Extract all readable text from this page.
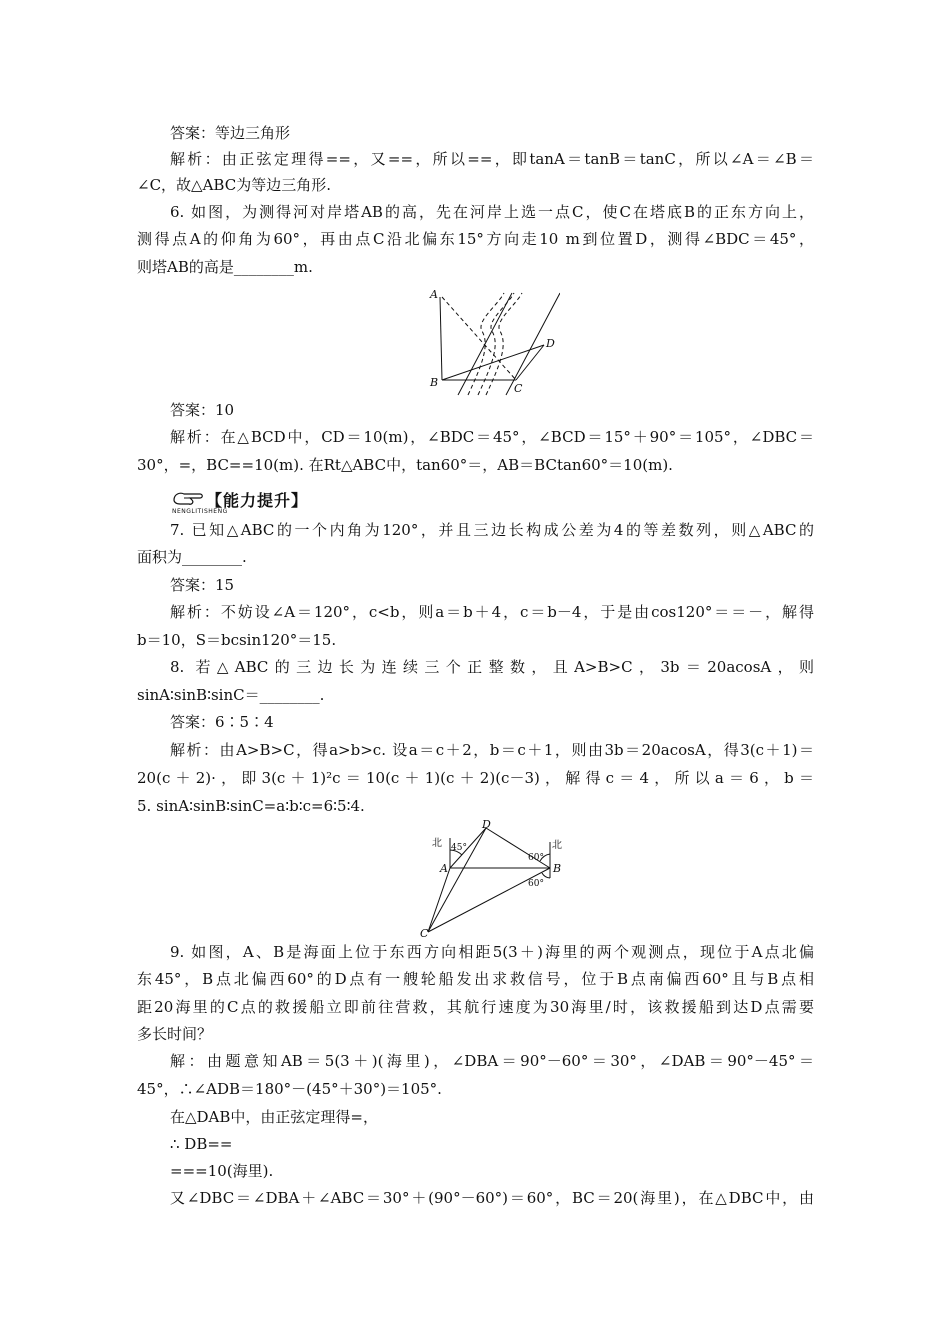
答案：等边三角形
解析：由正弦定理得==，又==，所以==，即tanA＝tanB＝tanC，所以∠A＝∠B＝
∠C，故△ABC为等边三角形.
6. 如图，为测得河对岸塔AB的高，先在河岸上选一点C，使C在塔底B的正东方向上，
测得点A的仰角为60°，再由点C沿北偏东15°方向走10 m到位置D，测得∠BDC＝45°，
则塔AB的高是________m.
A
B	C
D
答案：10
解析：在△BCD中，CD＝10(m)，∠BDC＝45°，∠BCD＝15°＋90°＝105°，∠DBC＝
30°，=，BC==10(m). 在Rt△ABC中，tan60°＝，AB＝BCtan60°＝10(m).
【能力提升】
NENGLITISHENG
7. 已知△ABC的一个内角为120°，并且三边长构成公差为4的等差数列，则△ABC的
面积为________.
答案：15
解析：不妨设∠A＝120°，c<b，则a＝b＋4，c＝b－4，于是由cos120°＝＝－，解得
b＝10，S＝bcsin120°＝15.
8. 若△ABC的三边长为连续三个正整数，且A>B>C，3b＝20acosA，则
sinA∶sinB∶sinC＝________.
答案：6∶5∶4
解析：由A>B>C，得a>b>c. 设a＝c＋2，b＝c＋1，则由3b＝20acosA，得3(c＋1)＝
20(c＋2)·，即3(c＋1)²c＝10(c＋1)(c＋2)(c－3)，解得c＝4，所以a＝6，b＝
5. sinA∶sinB∶sinC=a∶b∶c=6∶5∶4.
北	北
45°
60°
60°
A	B
C
D
9. 如图，A、B是海面上位于东西方向相距5(3＋)海里的两个观测点，现位于A点北偏
东45°，B点北偏西60°的D点有一艘轮船发出求救信号，位于B点南偏西60°且与B点相
距20海里的C点的救援船立即前往营救，其航行速度为30海里/时，该救援船到达D点需要
多长时间？
解：由题意知AB＝5(3＋)(海里)，∠DBA＝90°－60°＝30°，∠DAB＝90°－45°＝
45°，∴∠ADB＝180°－(45°＋30°)＝105°.
在△DAB中，由正弦定理得=，
∴ DB==
===10(海里).
又∠DBC＝∠DBA＋∠ABC＝30°＋(90°－60°)＝60°，BC＝20(海里)，在△DBC中，由
